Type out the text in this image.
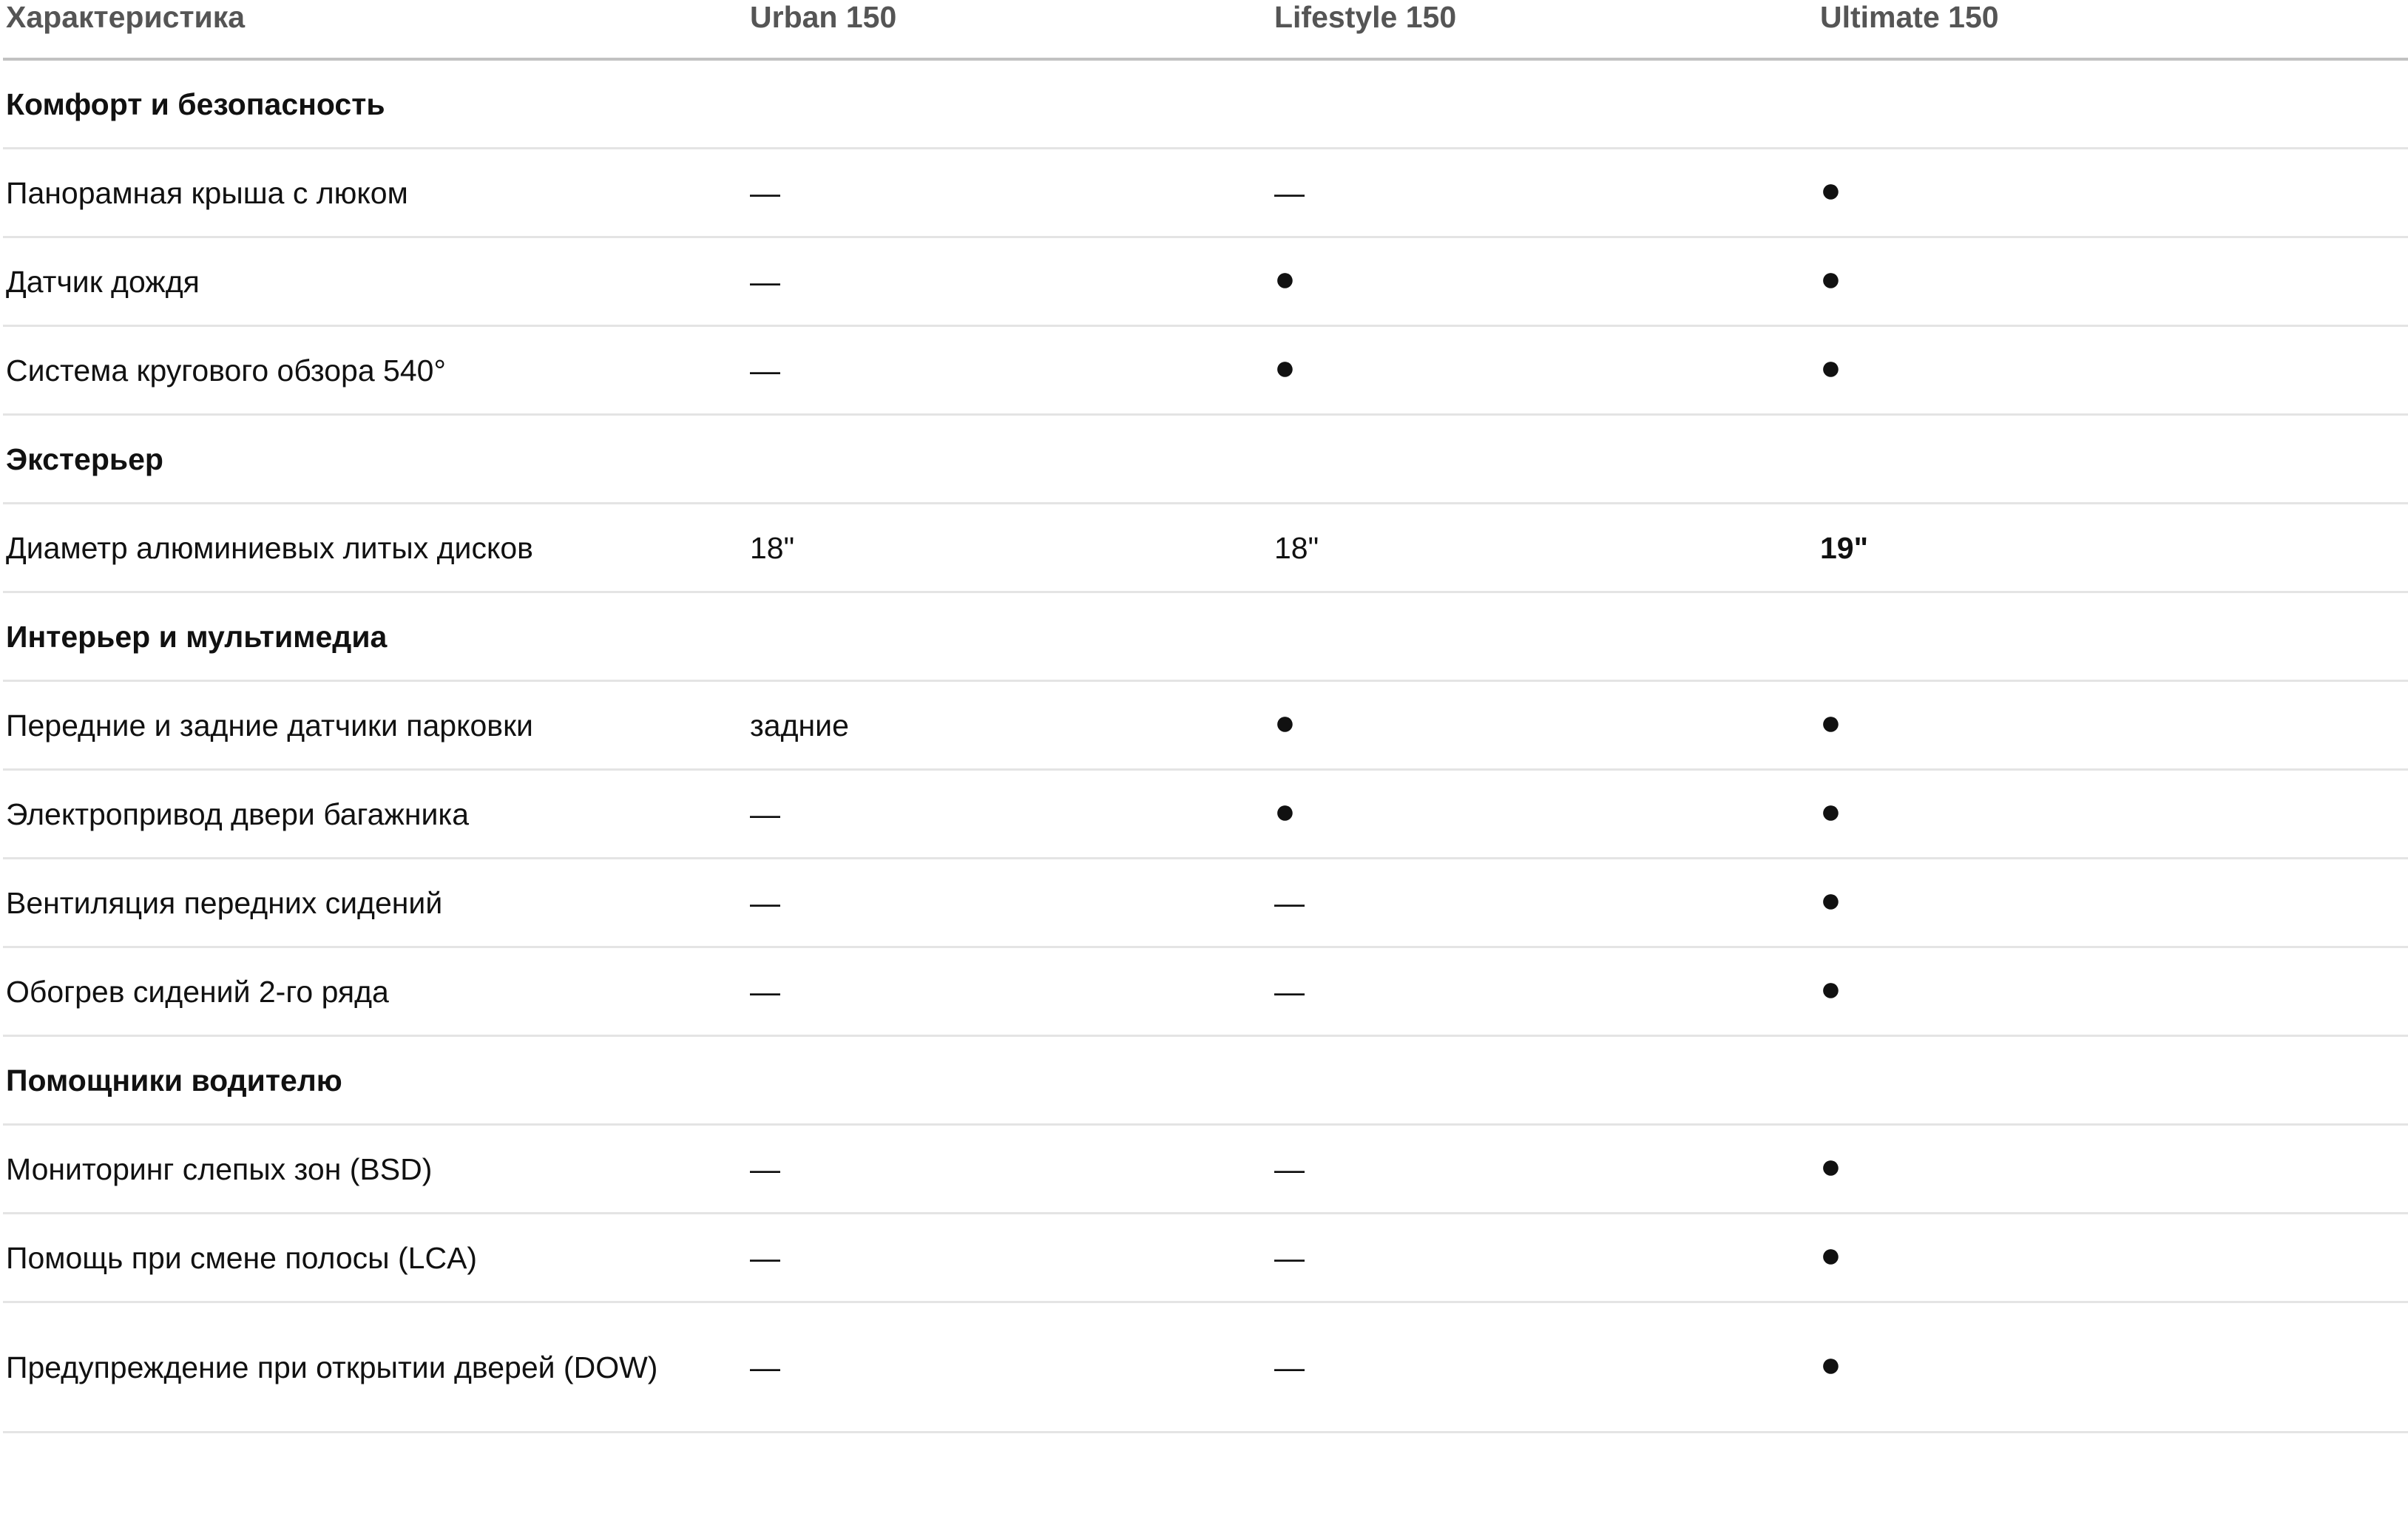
Характеристика	Urban 150	Lifestyle 150	Ultimate 150

Комфорт и безопасность			
Панорамная крыша с люком	—	—	●
Датчик дождя	—	●	●
Система кругового обзора 540°	—	●	●
Экстерьер			
Диаметр алюминиевых литых дисков	18"	18"	19"
Интерьер и мультимедиа			
Передние и задние датчики парковки	задние	●	●
Электропривод двери багажника	—	●	●
Вентиляция передних сидений	—	—	●
Обогрев сидений 2-го ряда	—	—	●
Помощники водителю			
Мониторинг слепых зон (BSD)	—	—	●
Помощь при смене полосы (LCA)	—	—	●
Предупреждение при открытии дверей (DOW)	—	—	●
